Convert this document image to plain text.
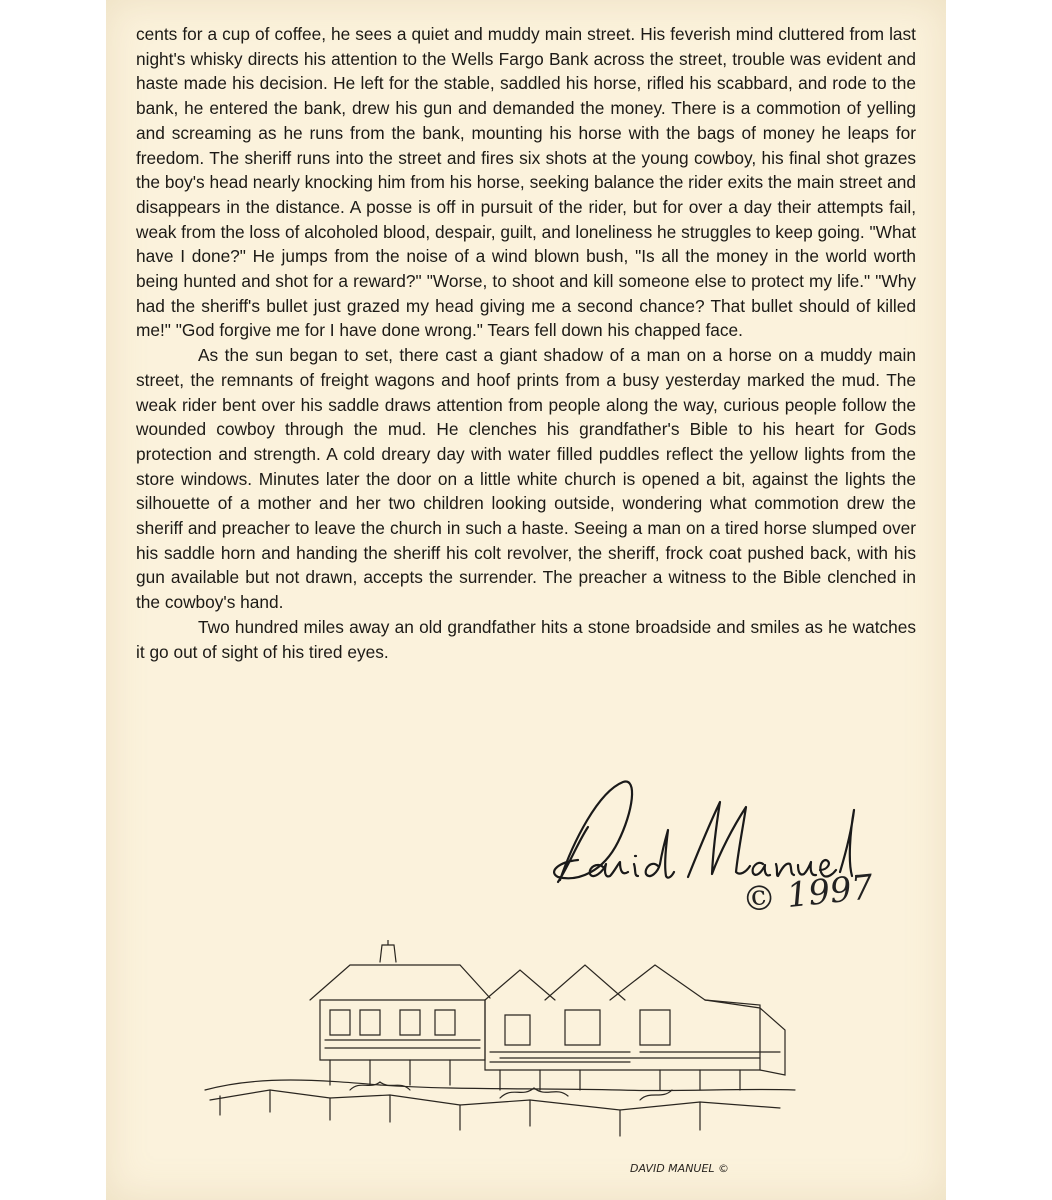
cents for a cup of coffee, he sees a quiet and muddy main street. His feverish mind cluttered from last night's whisky directs his attention to the Wells Fargo Bank across the street, trouble was evident and haste made his decision. He left for the stable, saddled his horse, rifled his scabbard, and rode to the bank, he entered the bank, drew his gun and demanded the money. There is a commotion of yelling and screaming as he runs from the bank, mounting his horse with the bags of money he leaps for freedom. The sheriff runs into the street and fires six shots at the young cowboy, his final shot grazes the boy's head nearly knocking him from his horse, seeking balance the rider exits the main street and disappears in the distance. A posse is off in pursuit of the rider, but for over a day their attempts fail, weak from the loss of alcoholed blood, despair, guilt, and loneliness he struggles to keep going. "What have I done?" He jumps from the noise of a wind blown bush, "Is all the money in the world worth being hunted and shot for a reward?" "Worse, to shoot and kill someone else to protect my life." "Why had the sheriff's bullet just grazed my head giving me a second chance? That bullet should of killed me!" "God forgive me for I have done wrong." Tears fell down his chapped face.

As the sun began to set, there cast a giant shadow of a man on a horse on a muddy main street, the remnants of freight wagons and hoof prints from a busy yesterday marked the mud. The weak rider bent over his saddle draws attention from people along the way, curious people follow the wounded cowboy through the mud. He clenches his grandfather's Bible to his heart for Gods protection and strength. A cold dreary day with water filled puddles reflect the yellow lights from the store windows. Minutes later the door on a little white church is opened a bit, against the lights the silhouette of a mother and her two children looking outside, wondering what commotion drew the sheriff and preacher to leave the church in such a haste. Seeing a man on a tired horse slumped over his saddle horn and handing the sheriff his colt revolver, the sheriff, frock coat pushed back, with his gun available but not drawn, accepts the surrender. The preacher a witness to the Bible clenched in the cowboy's hand.

Two hundred miles away an old grandfather hits a stone broadside and smiles as he watches it go out of sight of his tired eyes.

© 1997
DAVID MANUEL ©
